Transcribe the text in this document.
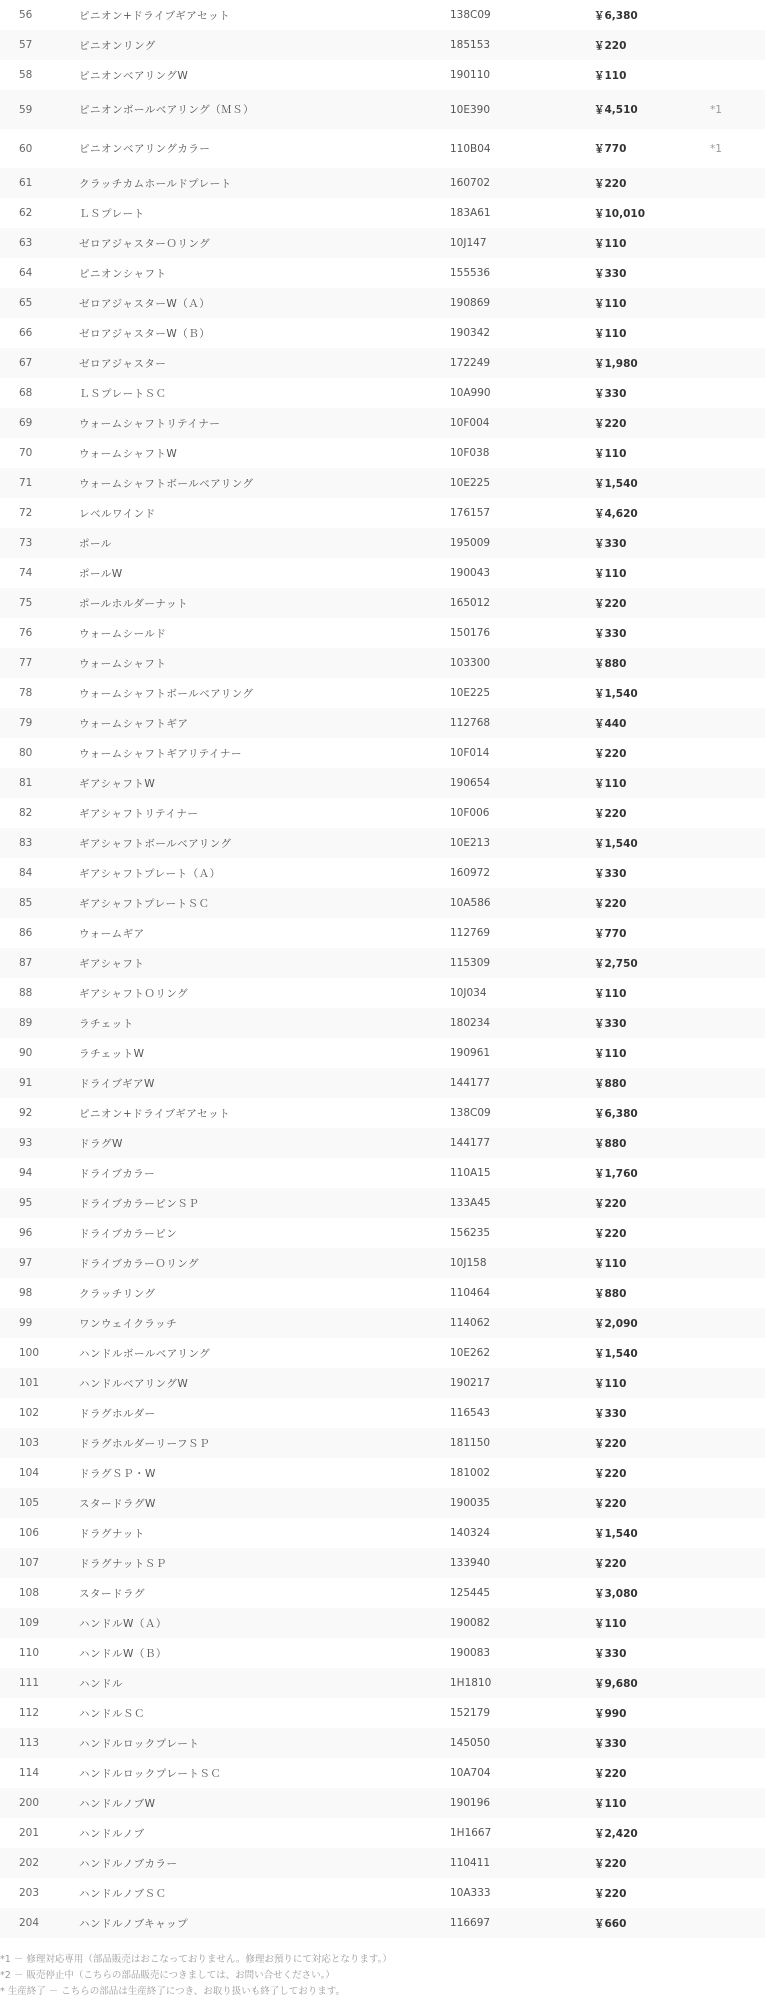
56	ピニオン+ドライブギアセット	138C09	￥6,380	
57	ピニオンリング	185153	￥220	
58	ピニオンベアリングW	190110	￥110	
59	ピニオンボールベアリング（ＭＳ）	10E390	￥4,510	*1
60	ピニオンベアリングカラー	110B04	￥770	*1
61	クラッチカムホールドプレート	160702	￥220	
62	ＬＳプレート	183A61	￥10,010	
63	ゼロアジャスターＯリング	10J147	￥110	
64	ピニオンシャフト	155536	￥330	
65	ゼロアジャスターW（Ａ）	190869	￥110	
66	ゼロアジャスターW（Ｂ）	190342	￥110	
67	ゼロアジャスター	172249	￥1,980	
68	ＬＳプレートＳＣ	10A990	￥330	
69	ウォームシャフトリテイナー	10F004	￥220	
70	ウォームシャフトW	10F038	￥110	
71	ウォームシャフトボールベアリング	10E225	￥1,540	
72	レベルワインド	176157	￥4,620	
73	ポール	195009	￥330	
74	ポールW	190043	￥110	
75	ポールホルダーナット	165012	￥220	
76	ウォームシールド	150176	￥330	
77	ウォームシャフト	103300	￥880	
78	ウォームシャフトボールベアリング	10E225	￥1,540	
79	ウォームシャフトギア	112768	￥440	
80	ウォームシャフトギアリテイナー	10F014	￥220	
81	ギアシャフトW	190654	￥110	
82	ギアシャフトリテイナー	10F006	￥220	
83	ギアシャフトボールベアリング	10E213	￥1,540	
84	ギアシャフトプレート（Ａ）	160972	￥330	
85	ギアシャフトプレートＳＣ	10A586	￥220	
86	ウォームギア	112769	￥770	
87	ギアシャフト	115309	￥2,750	
88	ギアシャフトＯリング	10J034	￥110	
89	ラチェット	180234	￥330	
90	ラチェットW	190961	￥110	
91	ドライブギアW	144177	￥880	
92	ピニオン+ドライブギアセット	138C09	￥6,380	
93	ドラグW	144177	￥880	
94	ドライブカラー	110A15	￥1,760	
95	ドライブカラーピンＳＰ	133A45	￥220	
96	ドライブカラーピン	156235	￥220	
97	ドライブカラーＯリング	10J158	￥110	
98	クラッチリング	110464	￥880	
99	ワンウェイクラッチ	114062	￥2,090	
100	ハンドルボールベアリング	10E262	￥1,540	
101	ハンドルベアリングW	190217	￥110	
102	ドラグホルダー	116543	￥330	
103	ドラグホルダーリーフＳＰ	181150	￥220	
104	ドラグＳＰ・W	181002	￥220	
105	スタードラグW	190035	￥220	
106	ドラグナット	140324	￥1,540	
107	ドラグナットＳＰ	133940	￥220	
108	スタードラグ	125445	￥3,080	
109	ハンドルW（Ａ）	190082	￥110	
110	ハンドルW（Ｂ）	190083	￥330	
111	ハンドル	1H1810	￥9,680	
112	ハンドルＳＣ	152179	￥990	
113	ハンドルロックプレート	145050	￥330	
114	ハンドルロックプレートＳＣ	10A704	￥220	
200	ハンドルノブW	190196	￥110	
201	ハンドルノブ	1H1667	￥2,420	
202	ハンドルノブカラー	110411	￥220	
203	ハンドルノブＳＣ	10A333	￥220	
204	ハンドルノブキャップ	116697	￥660	
*1 － 修理対応専用（部品販売はおこなっておりません。修理お預りにて対応となります。）
*2 － 販売停止中（こちらの部品販売につきましては、お問い合せください。）
* 生産終了 － こちらの部品は生産終了につき、お取り扱いも終了しております。
